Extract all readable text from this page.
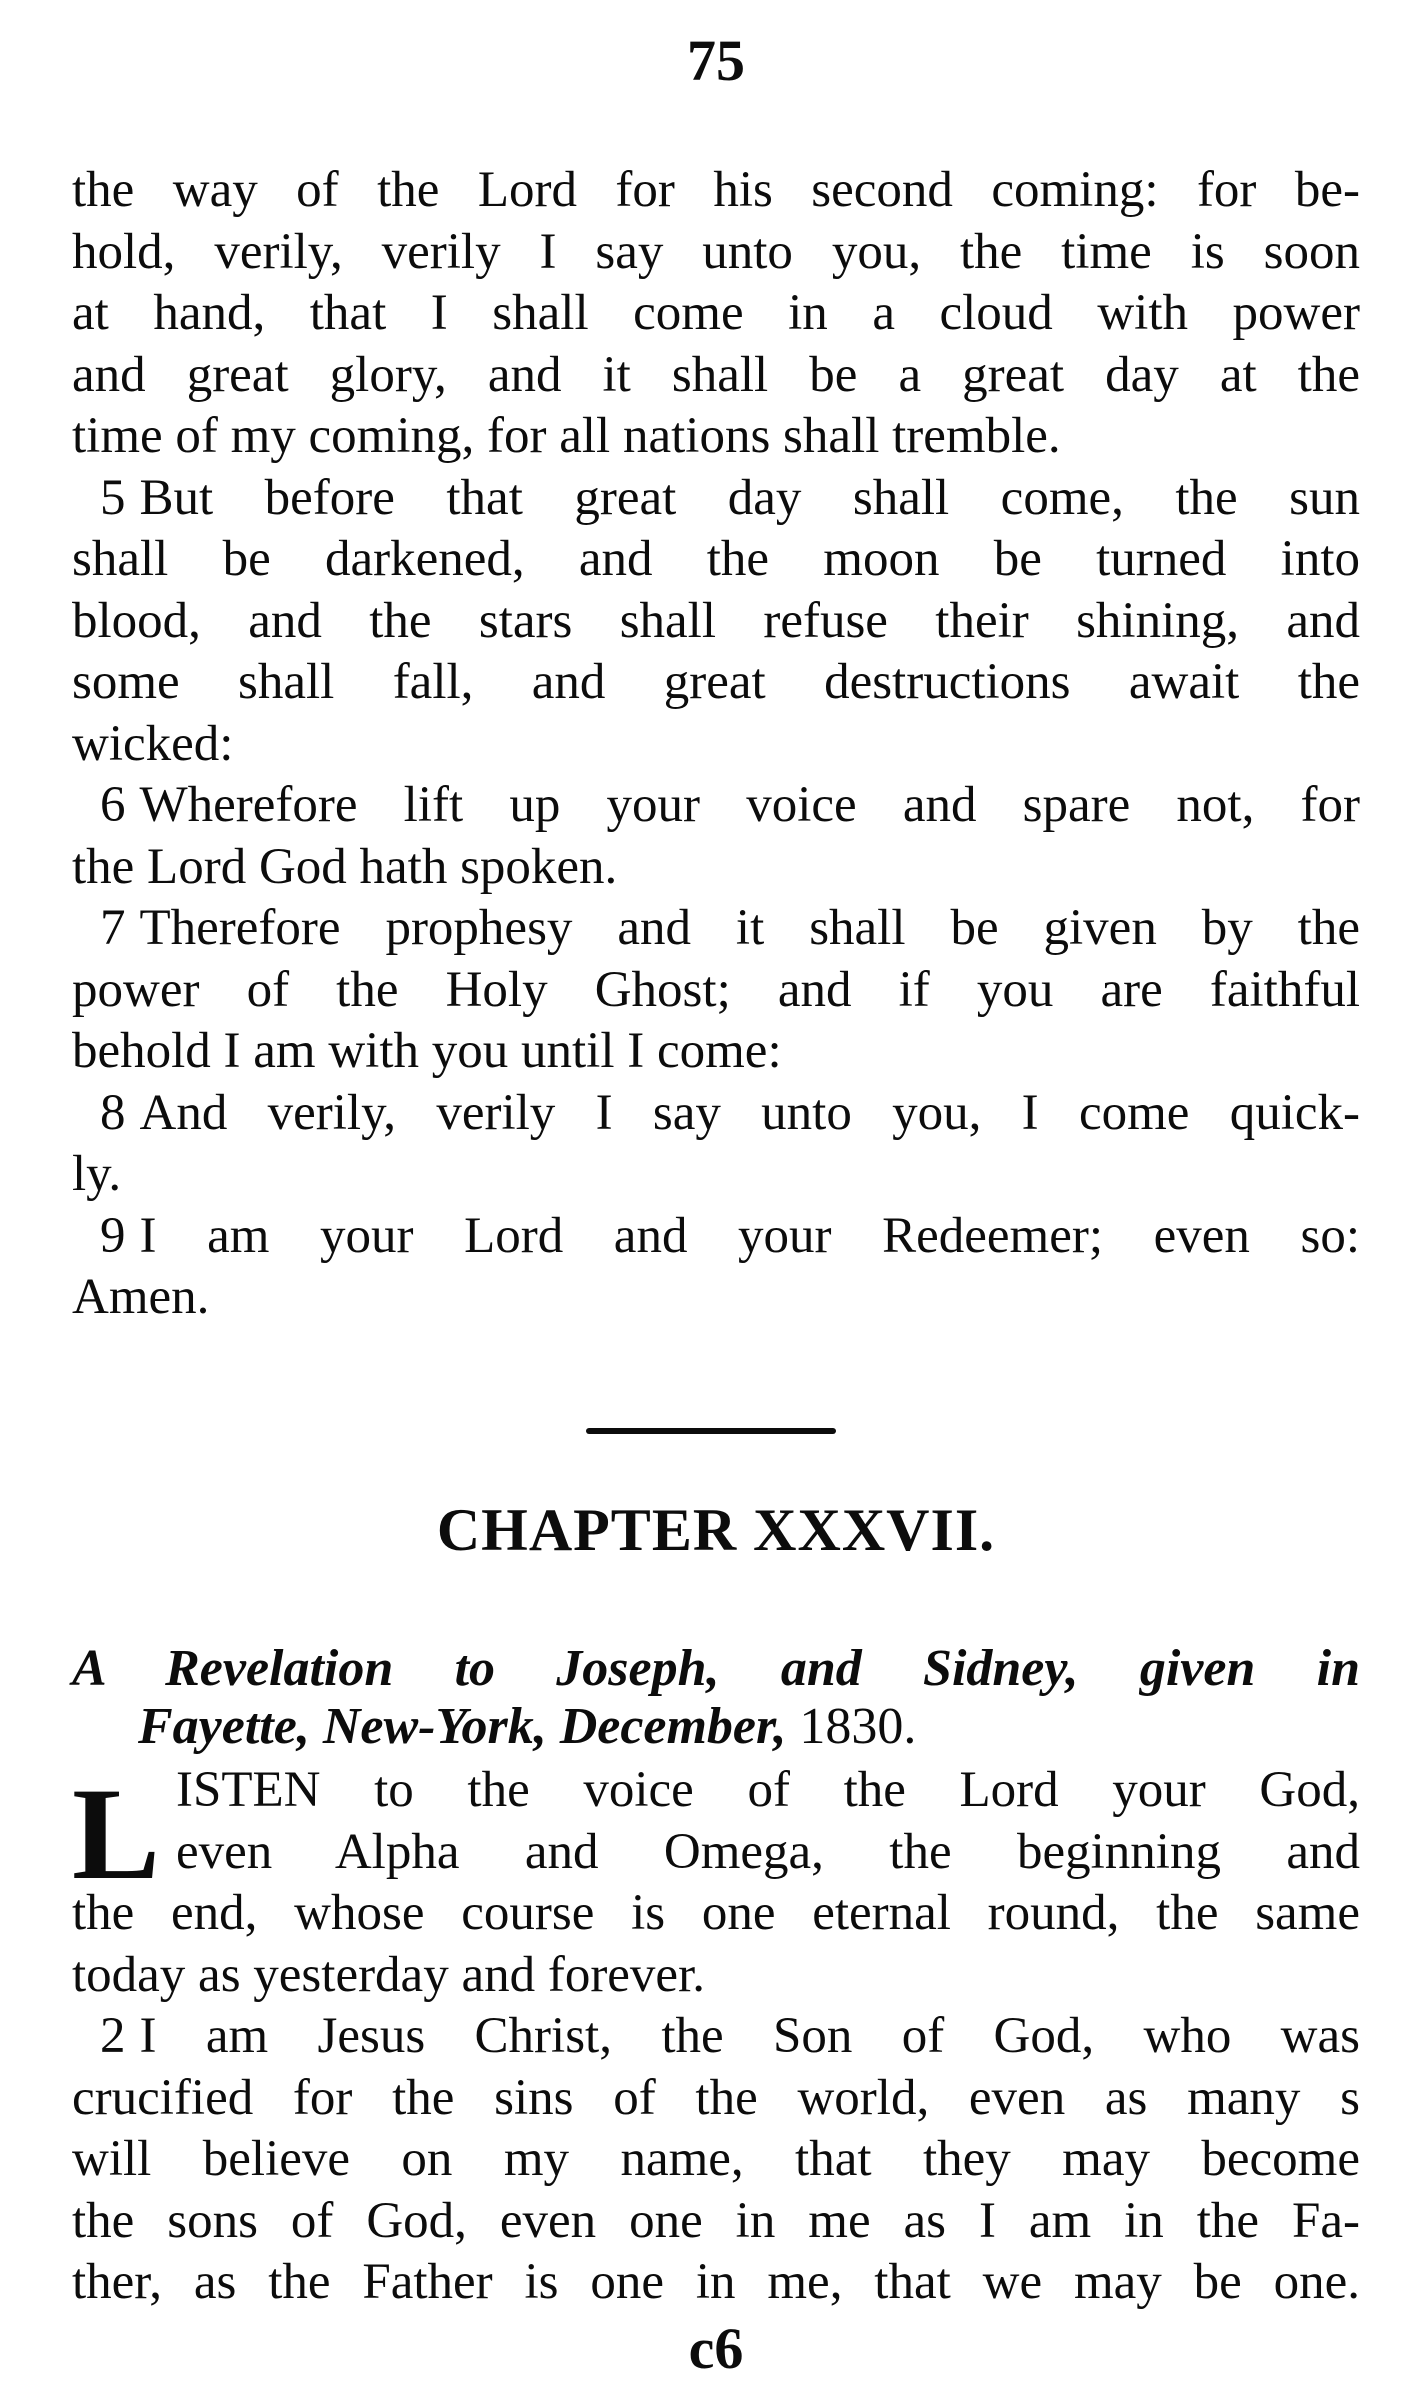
75
the way of the Lord for his second coming: for be-
hold, verily, verily I say unto you, the time is soon
at hand, that I shall come in a cloud with power
and great glory, and it shall be a great day at the
time of my coming, for all nations shall tremble.
5 But before that great day shall come, the sun
shall be darkened, and the moon be turned into
blood, and the stars shall refuse their shining, and
some shall fall, and great destructions await the
wicked:
6 Wherefore lift up your voice and spare not, for
the Lord God hath spoken.
7 Therefore prophesy and it shall be given by the
power of the Holy Ghost; and if you are faithful
behold I am with you until I come:
8 And verily, verily I say unto you, I come quick-
ly.
9 I am your Lord and your Redeemer; even so:
Amen.
CHAPTER XXXVII.
A Revelation to Joseph, and Sidney, given in
Fayette, New-York, December, 1830.
L ISTEN to the voice of the Lord your God,
even Alpha and Omega, the beginning and
the end, whose course is one eternal round, the same
today as yesterday and forever.
2 I am Jesus Christ, the Son of God, who was
crucified for the sins of the world, even as many s
will believe on my name, that they may become
the sons of God, even one in me as I am in the Fa-
ther, as the Father is one in me, that we may be one.
c6
